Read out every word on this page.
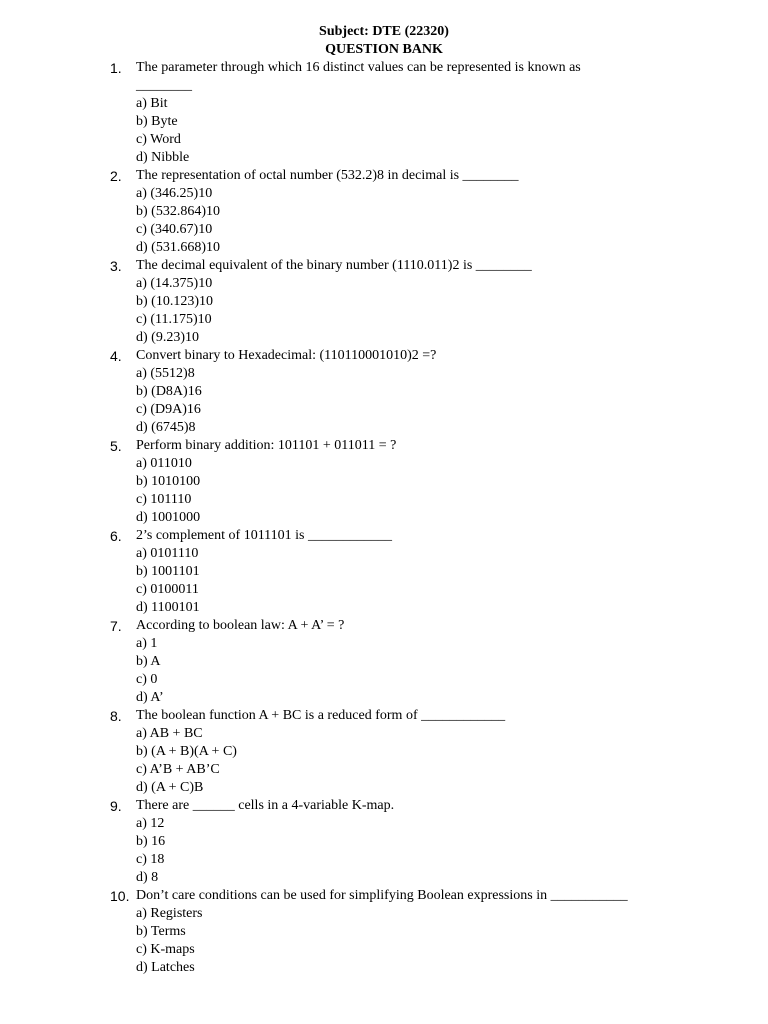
Subject: DTE (22320)
QUESTION BANK
1.	The parameter through which 16 distinct values can be represented is known as ________
a) Bit
b) Byte
c) Word
d) Nibble
2.	The representation of octal number (532.2)8 in decimal is ________
a) (346.25)10
b) (532.864)10
c) (340.67)10
d) (531.668)10
3.	The decimal equivalent of the binary number (1110.011)2 is ________
a) (14.375)10
b) (10.123)10
c) (11.175)10
d) (9.23)10
4.	Convert binary to Hexadecimal: (110110001010)2 =?
a) (5512)8
b) (D8A)16
c) (D9A)16
d) (6745)8
5.	Perform binary addition: 101101 + 011011 = ?
a) 011010
b) 1010100
c) 101110
d) 1001000
6.	2’s complement of 1011101 is ____________
a) 0101110
b) 1001101
c) 0100011
d) 1100101
7.	According to boolean law: A + A’ = ?
a) 1
b) A
c) 0
d) A’
8.	The boolean function A + BC is a reduced form of ____________
a) AB + BC
b) (A + B)(A + C)
c) A’B + AB’C
d) (A + C)B
9.	There are ______ cells in a 4-variable K-map.
a) 12
b) 16
c) 18
d) 8
10. Don’t care conditions can be used for simplifying Boolean expressions in ___________
a) Registers
b) Terms
c) K-maps
d) Latches
